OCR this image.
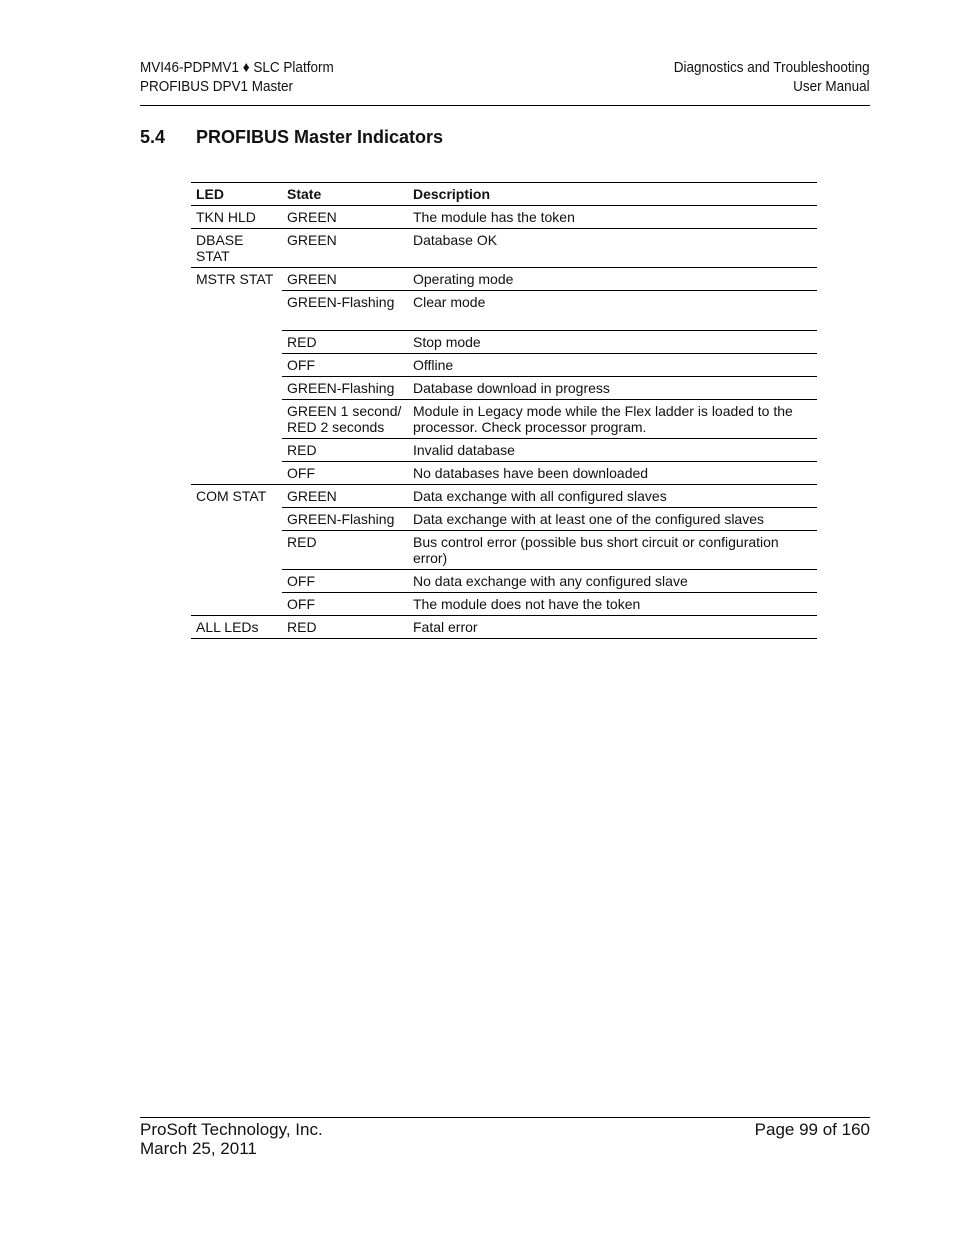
MVI46-PDPMV1 ♦ SLC Platform
PROFIBUS DPV1 Master
Diagnostics and Troubleshooting
User Manual
5.4 PROFIBUS Master Indicators
LED	State	Description
TKN HLD	GREEN	The module has the token
DBASE STAT	GREEN	Database OK
MSTR STAT	GREEN	Operating mode
	GREEN-Flashing	Clear mode
	RED	Stop mode
	OFF	Offline
	GREEN-Flashing	Database download in progress
	GREEN 1 second/ RED 2 seconds	Module in Legacy mode while the Flex ladder is loaded to the processor. Check processor program.
	RED	Invalid database
	OFF	No databases have been downloaded
COM STAT	GREEN	Data exchange with all configured slaves
	GREEN-Flashing	Data exchange with at least one of the configured slaves
	RED	Bus control error (possible bus short circuit or configuration error)
	OFF	No data exchange with any configured slave
	OFF	The module does not have the token
ALL LEDs	RED	Fatal error
ProSoft Technology, Inc.
March 25, 2011
Page 99 of 160
